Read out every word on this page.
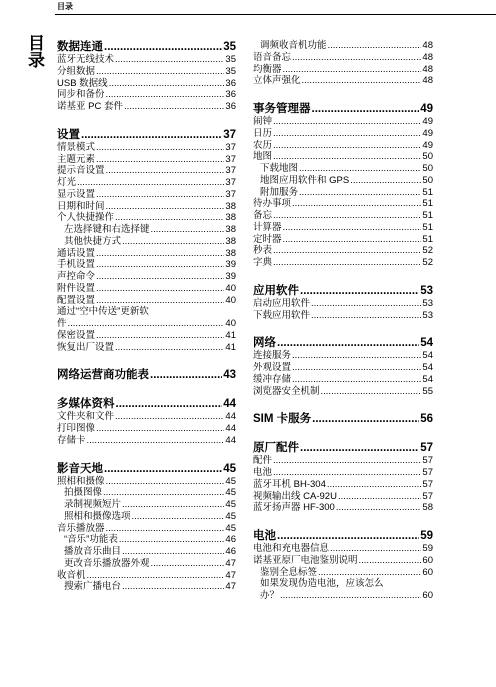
目录
目录 数据连通 .....	35
蓝牙无线技术 .....	35
分组数据 .....	35
USB 数据线 .....	36
同步和备份 .....	36
诺基亚 PC 套件 .....	36
设置 .....	37
情景模式 .....	37
主题元素 .....	37
提示音设置 .....	37
灯光 .....	37
显示设置 .....	37
日期和时间 .....	38
个人快捷操作 .....	38
左选择键和右选择键 .....	38
其他快捷方式 .....	38
通话设置 .....	38
手机设置 .....	39
声控命令 .....	39
附件设置 .....	40
配置设置 .....	40
通过“空中传送”更新软
件 .....	40
保密设置 .....	41
恢复出厂设置 .....	41
网络运营商功能表 .....	43
多媒体资料 .....	44
文件夹和文件 .....	44
打印图像 .....	44
存储卡 .....	44
影音天地 .....	45
照相和摄像 .....	45
拍摄图像 .....	45
录制视频短片 .....	45
照相和摄像选项 .....	45
音乐播放器 .....	45
“音乐”功能表 .....	46
播放音乐曲目 .....	46
更改音乐播放器外观 .....	47
收音机 .....	47
搜索广播电台 .....	47
调频收音机功能 .....	48
语音备忘 .....	48
均衡器 .....	48
立体声强化 .....	48
事务管理器 .....	49
闹钟 .....	49
日历 .....	49
农历 .....	49
地图 .....	50
下载地图 .....	50
地图应用软件和 GPS .....	50
附加服务 .....	51
待办事项 .....	51
备忘 .....	51
计算器 .....	51
定时器 .....	51
秒表 .....	52
字典 .....	52
应用软件 .....	53
启动应用软件 .....	53
下载应用软件 .....	53
网络 .....	54
连接服务 .....	54
外观设置 .....	54
缓冲存储 .....	54
浏览器安全机制 .....	55
SIM 卡服务 .....	56
原厂配件 .....	57
配件 .....	57
电池 .....	57
蓝牙耳机 BH-304 .....	57
视频输出线 CA-92U .....	57
蓝牙扬声器 HF-300 .....	58
电池 .....	59
电池和充电器信息 .....	59
诺基亚原厂电池鉴别说明 .....	60
鉴别全息标签 .....	60
如果发现伪造电池，应该怎么
办？ .....	60
